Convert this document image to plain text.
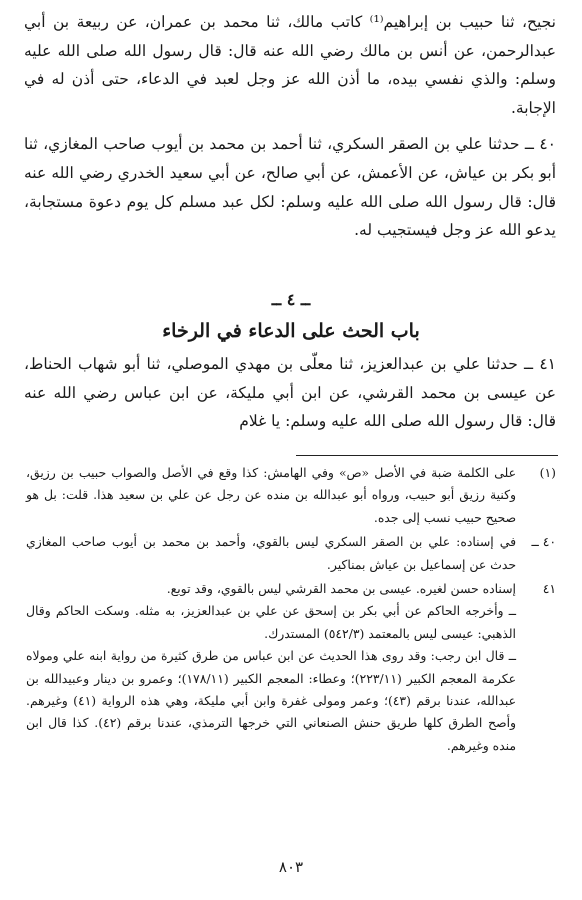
نجيح، ثنا حبيب بن إبراهيم⁽¹⁾ كاتب مالك، ثنا محمد بن عمران، عن ربيعة بن أبي عبدالرحمن، عن أنس بن مالك رضي الله عنه قال: قال رسول الله صلى الله عليه وسلم: والذي نفسي بيده، ما أذن الله عز وجل لعبد في الدعاء، حتى أذن له في الإجابة.

٤٠ ــ حدثنا علي بن الصقر السكري، ثنا أحمد بن محمد بن أيوب صاحب المغازي، ثنا أبو بكر بن عياش، عن الأعمش، عن أبي صالح، عن أبي سعيد الخدري رضي الله عنه قال: قال رسول الله صلى الله عليه وسلم: لكل عبد مسلم كل يوم دعوة مستجابة، يدعو الله عز وجل فيستجيب له.

ــ ٤ ــ
باب الحث على الدعاء في الرخاء

٤١ ــ حدثنا علي بن عبدالعزيز، ثنا معلّى بن مهدي الموصلي، ثنا أبو شهاب الحناط، عن عيسى بن محمد القرشي، عن ابن أبي مليكة، عن ابن عباس رضي الله عنه قال: قال رسول الله صلى الله عليه وسلم: يا غلام

(١)

على الكلمة ضبة في الأصل «ص» وفي الهامش: كذا وقع في الأصل والصواب حبيب بن رزيق، وكنية رزيق أبو حبيب، ورواه أبو عبدالله بن منده عن رجل عن علي بن سعيد هذا. قلت: بل هو صحيح حبيب نسب إلى جده.

٤٠ ــ

في إسناده: علي بن الصقر السكري ليس بالقوي، وأحمد بن محمد بن أيوب صاحب المغازي حدث عن إسماعيل بن عياش بمناكير.

٤١

إسناده حسن لغيره. عيسى بن محمد القرشي ليس بالقوي، وقد توبع.

ــ وأخرجه الحاكم عن أبي بكر بن إسحق عن علي بن عبدالعزيز، به مثله. وسكت الحاكم وقال الذهبي: عيسى ليس بالمعتمد (٥٤٢/٣) المستدرك.

ــ قال ابن رجب: وقد روى هذا الحديث عن ابن عباس من طرق كثيرة من رواية ابنه علي ومولاه عكرمة المعجم الكبير (٢٢٣/١١)؛ وعطاء: المعجم الكبير (١٧٨/١١)؛ وعمرو بن دينار وعبيدالله بن عبدالله، عندنا برقم (٤٣)؛ وعمر ومولى غفرة وابن أبي مليكة، وهي هذه الرواية (٤١) وغيرهم. وأصح الطرق كلها طريق حنش الصنعاني التي خرجها الترمذي، عندنا برقم (٤٢). كذا قال ابن منده وغيرهم.

٨٠٣
